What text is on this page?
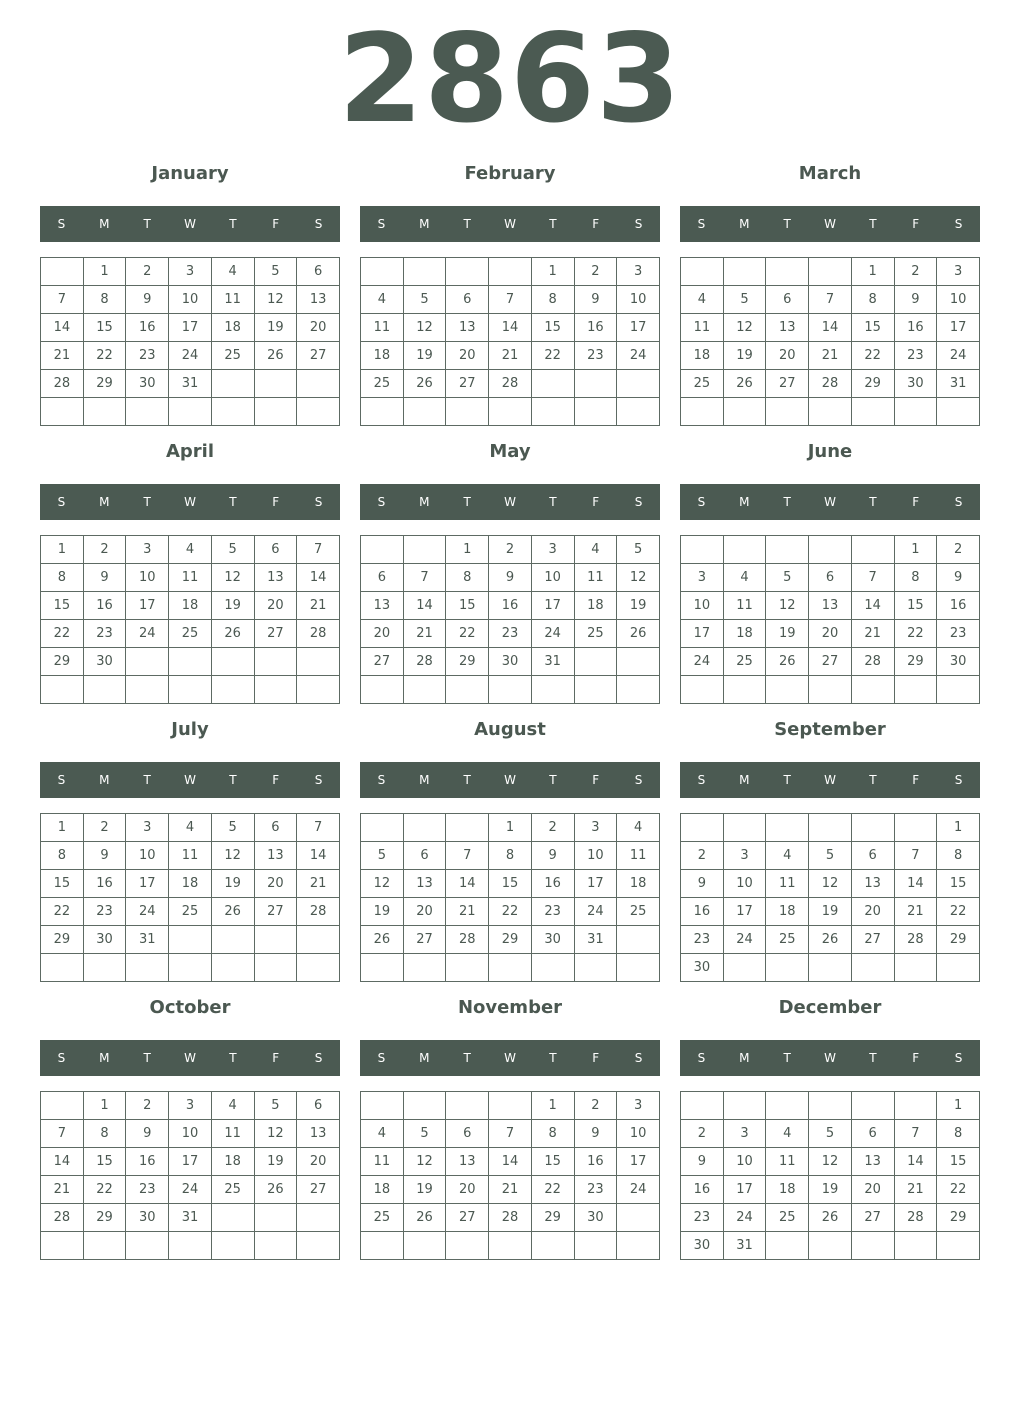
2863
January
S	M	T	W	T	F	S
	1	2	3	4	5	6
7	8	9	10	11	12	13
14	15	16	17	18	19	20
21	22	23	24	25	26	27
28	29	30	31			

February
S	M	T	W	T	F	S
				1	2	3
4	5	6	7	8	9	10
11	12	13	14	15	16	17
18	19	20	21	22	23	24
25	26	27	28			

March
S	M	T	W	T	F	S
				1	2	3
4	5	6	7	8	9	10
11	12	13	14	15	16	17
18	19	20	21	22	23	24
25	26	27	28	29	30	31

April
S	M	T	W	T	F	S
1	2	3	4	5	6	7
8	9	10	11	12	13	14
15	16	17	18	19	20	21
22	23	24	25	26	27	28
29	30					

May
S	M	T	W	T	F	S
		1	2	3	4	5
6	7	8	9	10	11	12
13	14	15	16	17	18	19
20	21	22	23	24	25	26
27	28	29	30	31		

June
S	M	T	W	T	F	S
					1	2
3	4	5	6	7	8	9
10	11	12	13	14	15	16
17	18	19	20	21	22	23
24	25	26	27	28	29	30

July
S	M	T	W	T	F	S
1	2	3	4	5	6	7
8	9	10	11	12	13	14
15	16	17	18	19	20	21
22	23	24	25	26	27	28
29	30	31				

August
S	M	T	W	T	F	S
			1	2	3	4
5	6	7	8	9	10	11
12	13	14	15	16	17	18
19	20	21	22	23	24	25
26	27	28	29	30	31	

September
S	M	T	W	T	F	S
						1
2	3	4	5	6	7	8
9	10	11	12	13	14	15
16	17	18	19	20	21	22
23	24	25	26	27	28	29
30						
October
S	M	T	W	T	F	S
	1	2	3	4	5	6
7	8	9	10	11	12	13
14	15	16	17	18	19	20
21	22	23	24	25	26	27
28	29	30	31			

November
S	M	T	W	T	F	S
				1	2	3
4	5	6	7	8	9	10
11	12	13	14	15	16	17
18	19	20	21	22	23	24
25	26	27	28	29	30	

December
S	M	T	W	T	F	S
						1
2	3	4	5	6	7	8
9	10	11	12	13	14	15
16	17	18	19	20	21	22
23	24	25	26	27	28	29
30	31					
